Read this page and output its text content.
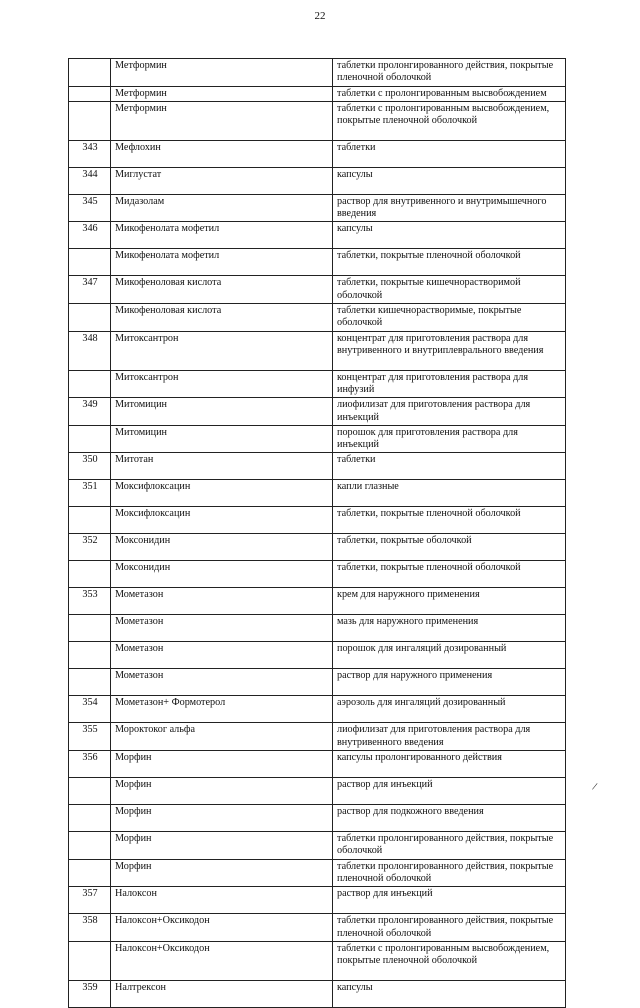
22
	Метформин	таблетки пролонгированного действия, покрытые пленочной оболочкой
	Метформин	таблетки с пролонгированным высвобождением
	Метформин	таблетки с пролонгированным высвобождением, покрытые пленочной оболочкой
343	Мефлохин	таблетки
344	Миглустат	капсулы
345	Мидазолам	раствор для внутривенного и внутримышечного введения
346	Микофенолата мофетил	капсулы
	Микофенолата мофетил	таблетки, покрытые пленочной оболочкой
347	Микофеноловая кислота	таблетки, покрытые кишечнорастворимой оболочкой
	Микофеноловая кислота	таблетки кишечнорастворимые, покрытые оболочкой
348	Митоксантрон	концентрат для приготовления раствора для внутривенного и внутриплеврального введения
	Митоксантрон	концентрат для приготовления раствора для инфузий
349	Митомицин	лиофилизат для приготовления раствора для инъекций
	Митомицин	порошок для приготовления раствора для инъекций
350	Митотан	таблетки
351	Моксифлоксацин	капли глазные
	Моксифлоксацин	таблетки, покрытые пленочной оболочкой
352	Моксонидин	таблетки, покрытые оболочкой
	Моксонидин	таблетки, покрытые пленочной оболочкой
353	Мометазон	крем для наружного применения
	Мометазон	мазь для наружного применения
	Мометазон	порошок для ингаляций дозированный
	Мометазон	раствор для наружного применения
354	Мометазон+ Формотерол	аэрозоль для ингаляций дозированный
355	Мороктоког альфа	лиофилизат для приготовления раствора для внутривенного введения
356	Морфин	капсулы пролонгированного действия
	Морфин	раствор для инъекций
	Морфин	раствор для подкожного введения
	Морфин	таблетки пролонгированного действия, покрытые оболочкой
	Морфин	таблетки пролонгированного действия, покрытые пленочной оболочкой
357	Налоксон	раствор для инъекций
358	Налоксон+Оксикодон	таблетки пролонгированного действия, покрытые пленочной оболочкой
	Налоксон+Оксикодон	таблетки с пролонгированным высвобождением, покрытые пленочной оболочкой
359	Налтрексон	капсулы
/
